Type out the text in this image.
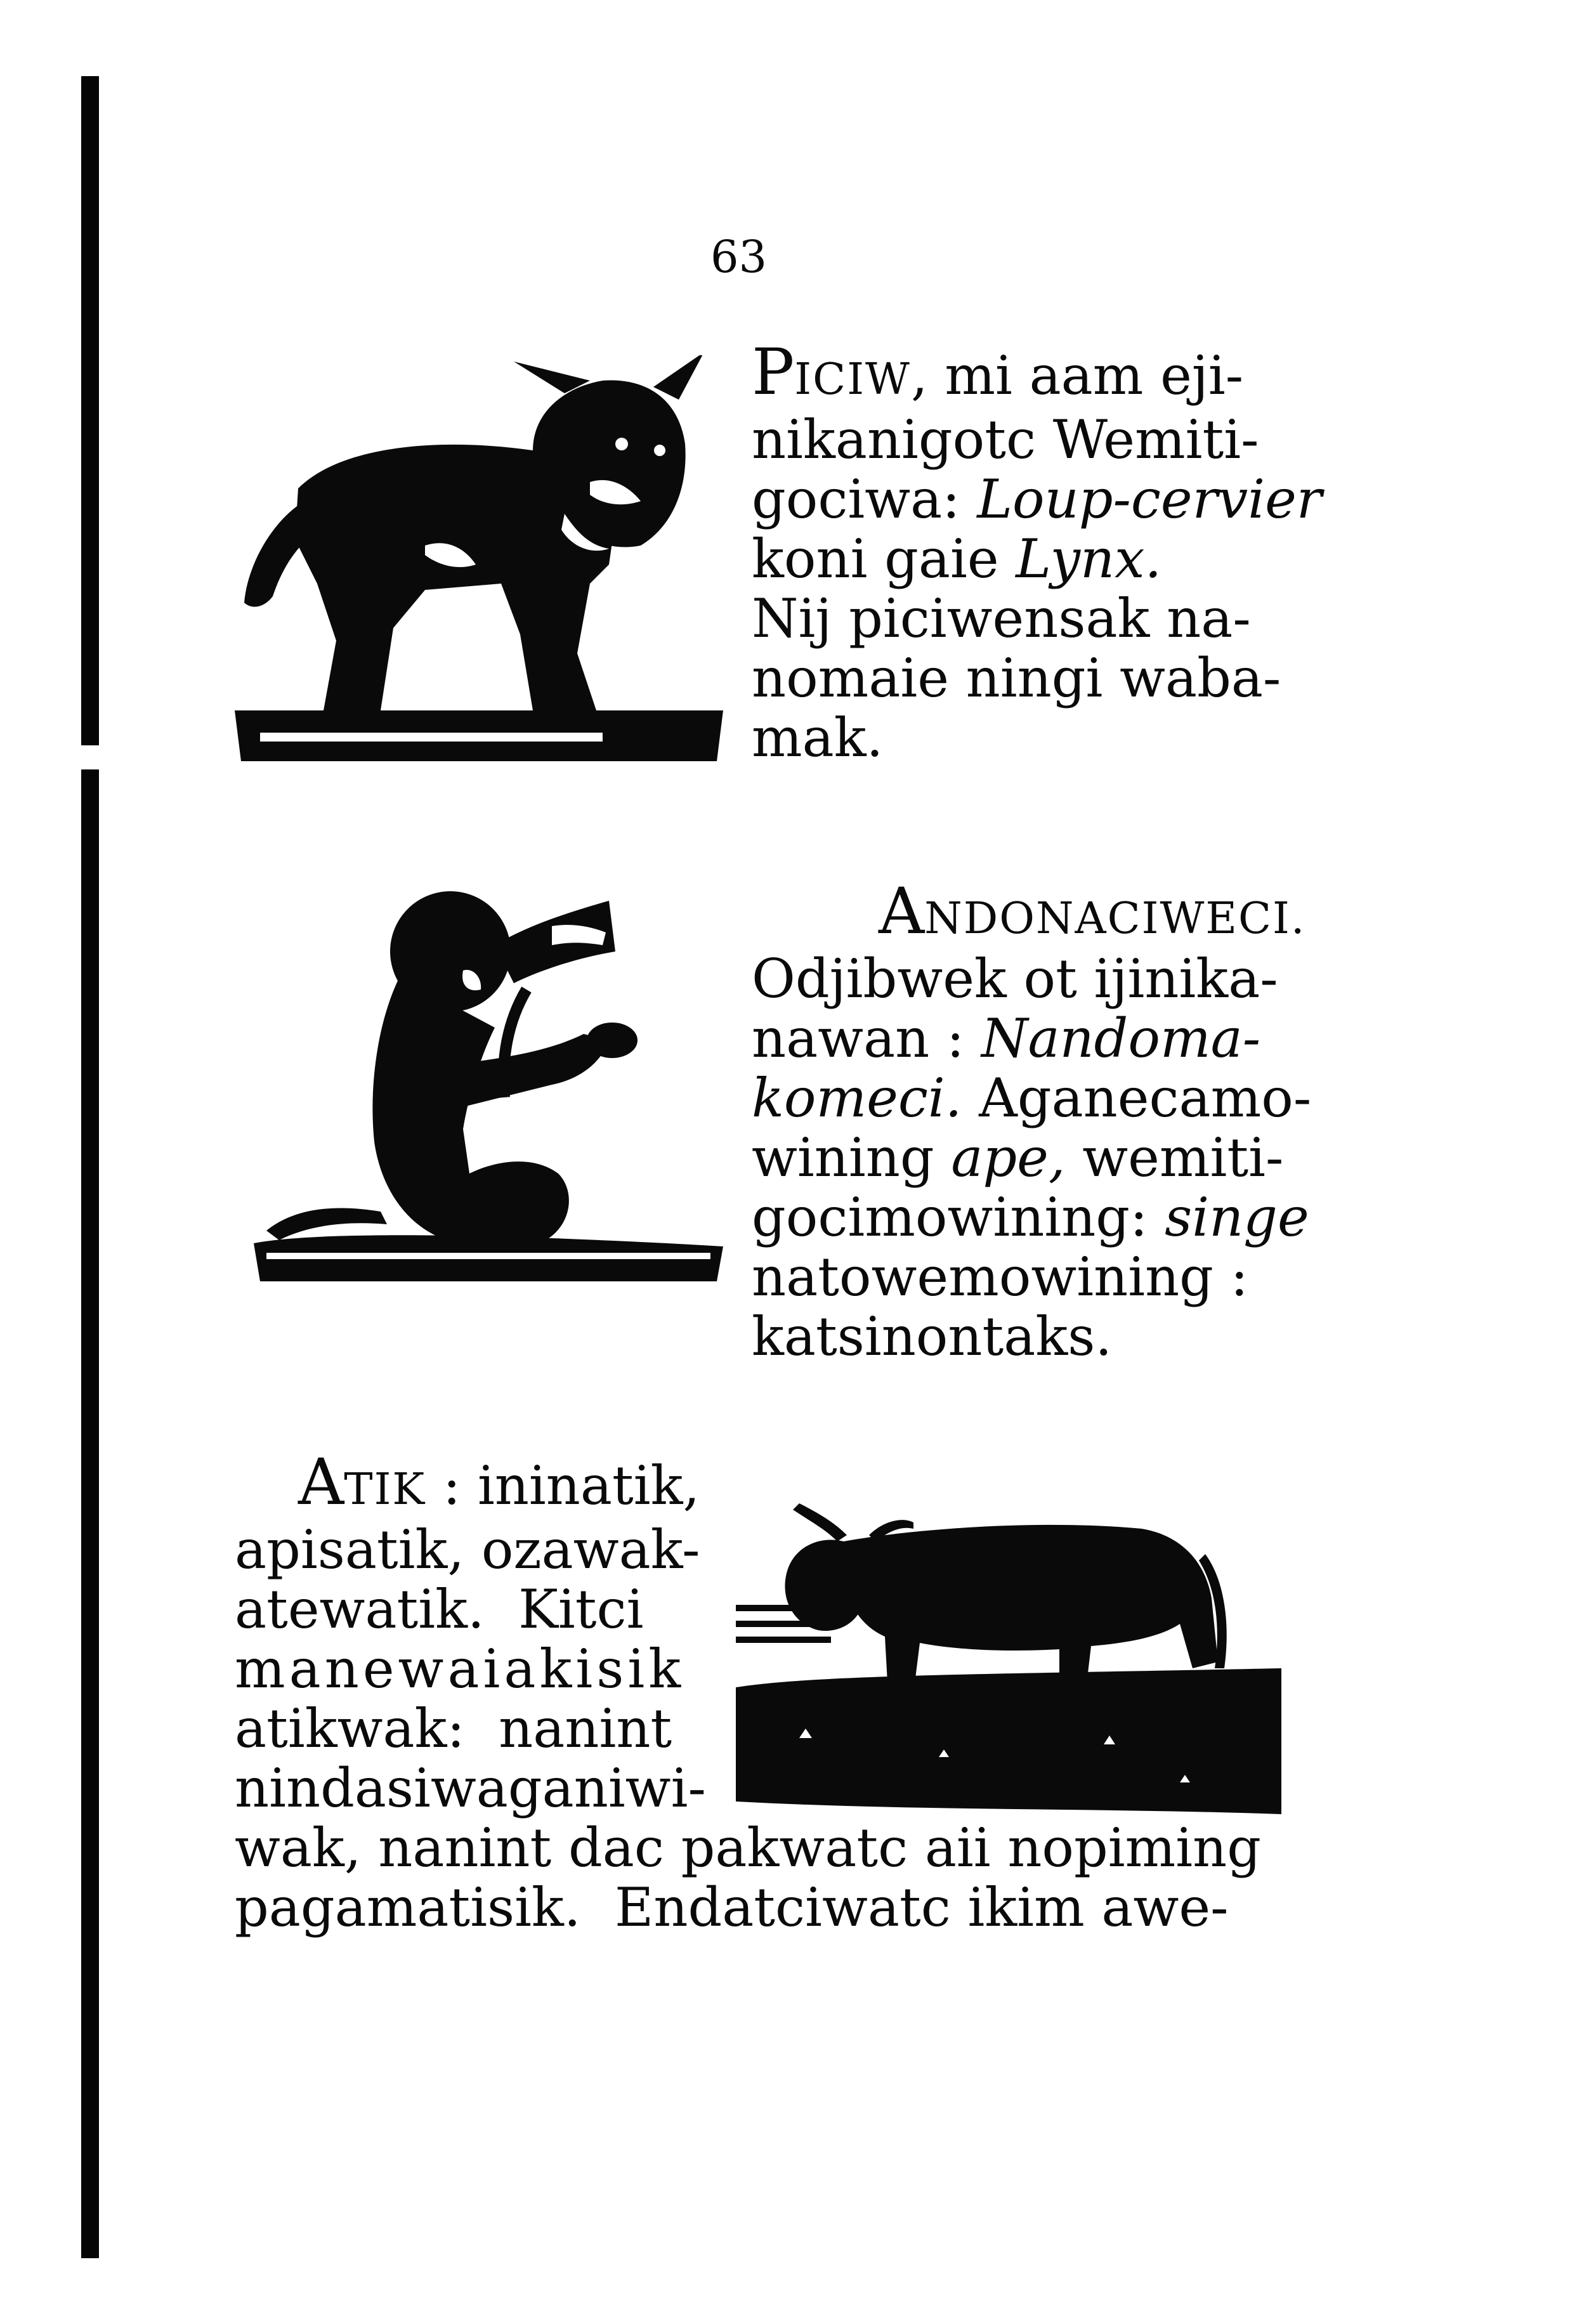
63
PICIW, mi aam eji-
nikanigotc Wemiti-
gociwa: Loup-cervier
koni gaie Lynx.
Nij piciwensak na-
nomaie ningi waba-
mak.
ANDONACIWECI.
Odjibwek ot ijinika-
nawan : Nandoma-
komeci. Aganecamo-
wining ape, wemiti-
gocimowining: singe
natowemowining :
katsinontaks.
ATIK : ininatik,
apisatik, ozawak-
atewatik.  Kitci
manewaiakisik
atikwak:  nanint
nindasiwaganiwi-
wak, nanint dac pakwatc aii nopiming
pagamatisik.  Endatciwatc ikim awe-
